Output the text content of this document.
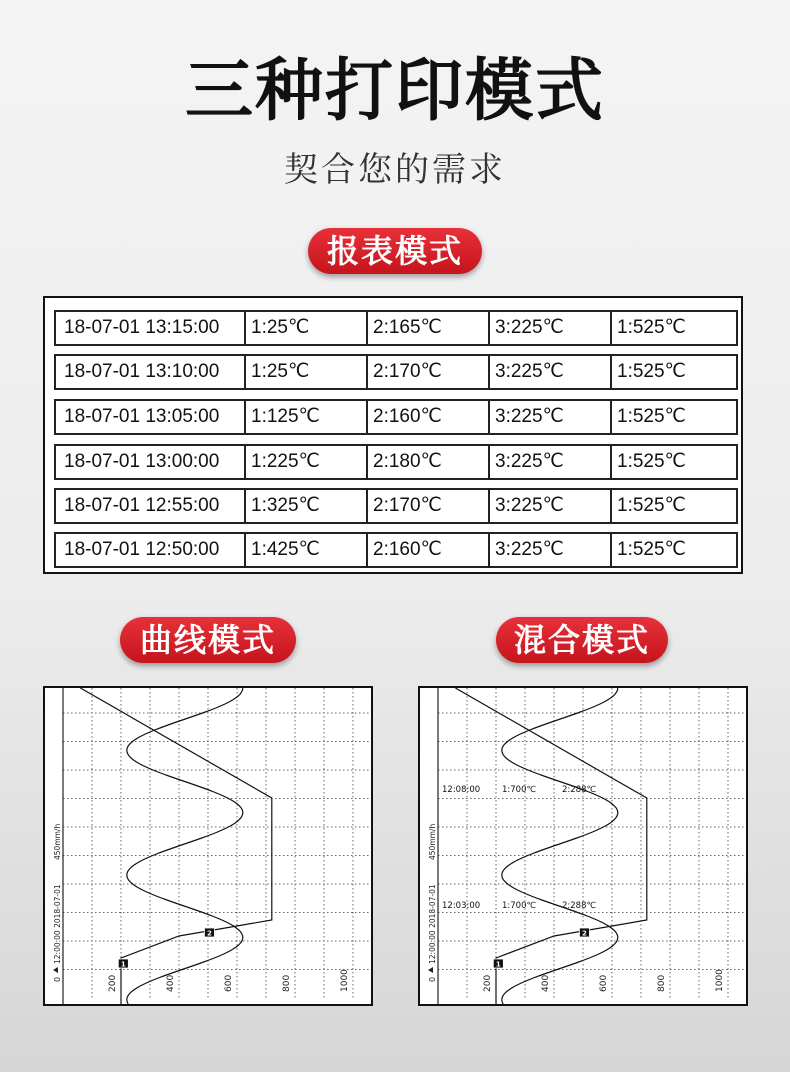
三种打印模式
契合您的需求
报表模式
18-07-01 13:15:00	1:25℃	2:165℃	3:225℃	1:525℃
18-07-01 13:10:00	1:25℃	2:170℃	3:225℃	1:525℃
18-07-01 13:05:00	1:125℃	2:160℃	3:225℃	1:525℃
18-07-01 13:00:00	1:225℃	2:180℃	3:225℃	1:525℃
18-07-01 12:55:00	1:325℃	2:170℃	3:225℃	1:525℃
18-07-01 12:50:00	1:425℃	2:160℃	3:225℃	1:525℃
曲线模式	混合模式
200	400	600	800	1000
0
12:00:00 2018-07-01
450mm/h
1
2
200	400	600	800	1000
0
12:00:00 2018-07-01
450mm/h
1
2
12:08:00	1:700℃	2:288℃
12:03:00	1:700℃	2:288℃
